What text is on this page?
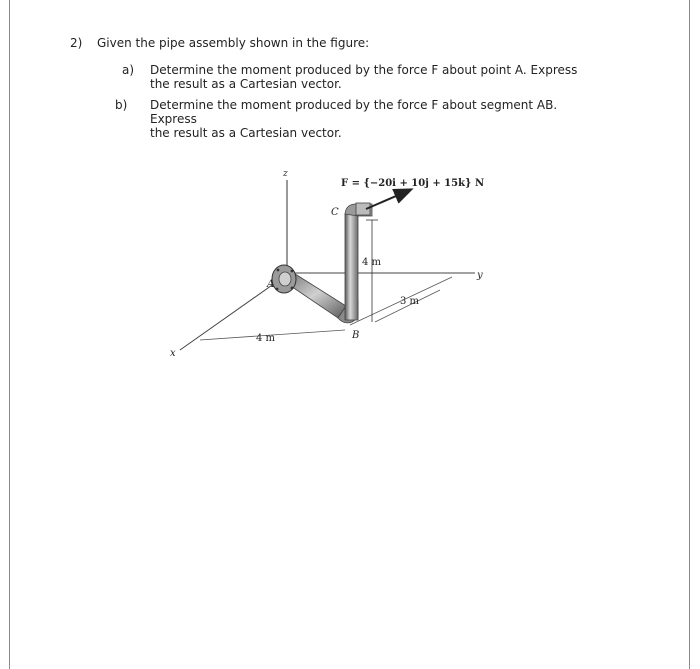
2) Given the pipe assembly shown in the figure:
a) Determine the moment produced by the force F about point A. Express
the result as a Cartesian vector.
b) Determine the moment produced by the force F about segment AB. Express
the result as a Cartesian vector.
z
y
x
4 m
3 m
4 m
F = {−20i + 10j + 15k} N
C
A
B
